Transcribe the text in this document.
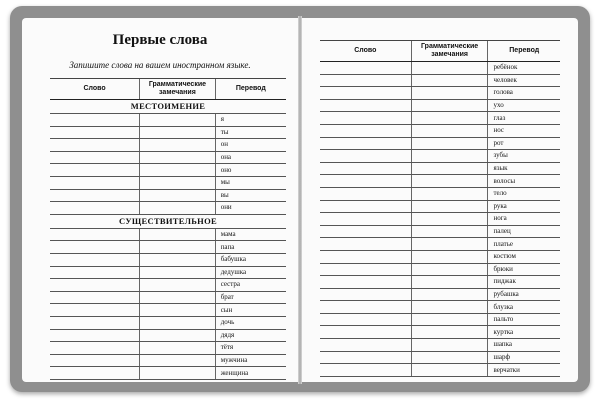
Первые слова
Запишите слова на вашем иностранном языке.
Слово	Грамматические замечания	Перевод
МЕСТОИМЕНИЕ		
		я
		ты
		он
		она
		оно
		мы
		вы
		они
СУЩЕСТВИТЕЛЬНОЕ		
		мама
		папа
		бабушка
		дедушка
		сестра
		брат
		сын
		дочь
		дядя
		тётя
		мужчина
		женщина
Слово	Грамматические замечания	Перевод
		ребёнок
		человек
		голова
		ухо
		глаз
		нос
		рот
		зубы
		язык
		волосы
		тело
		рука
		нога
		палец
		платье
		костюм
		брюки
		пиджак
		рубашка
		блузка
		пальто
		куртка
		шапка
		шарф
		верчатки
